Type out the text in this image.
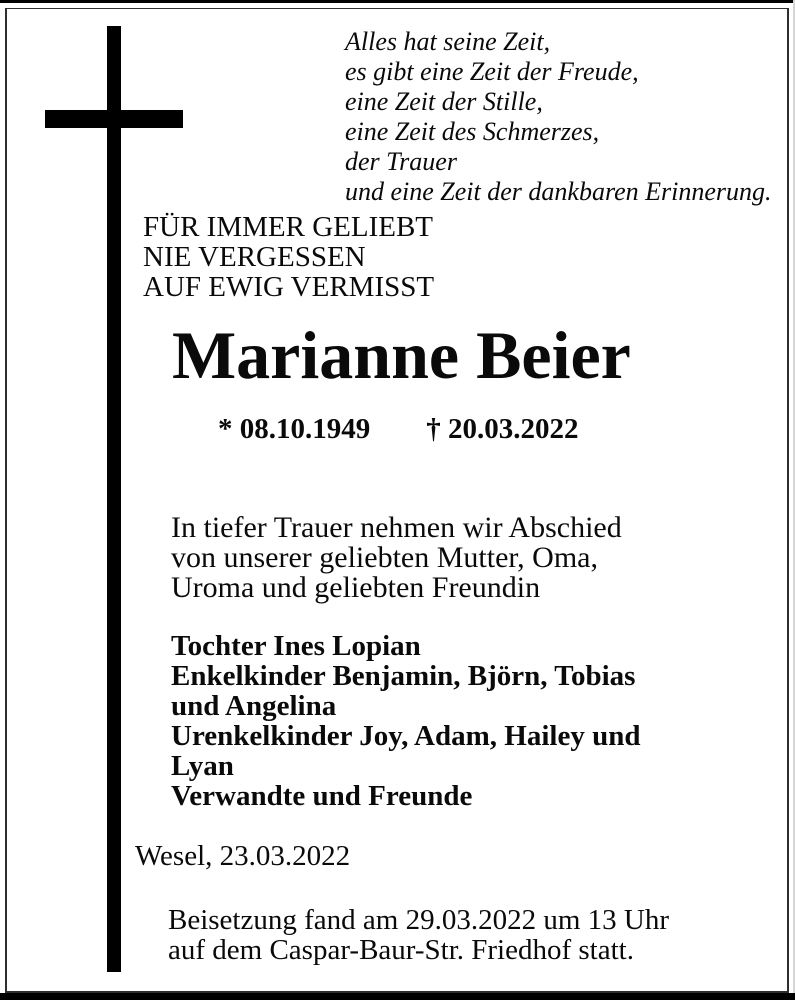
Alles hat seine Zeit,
es gibt eine Zeit der Freude,
eine Zeit der Stille,
eine Zeit des Schmerzes,
der Trauer
und eine Zeit der dankbaren Erinnerung.
FÜR IMMER GELIEBT
NIE VERGESSEN
AUF EWIG VERMISST
Marianne Beier
* 08.10.1949 † 20.03.2022
In tiefer Trauer nehmen wir Abschied
von unserer geliebten Mutter, Oma,
Uroma und geliebten Freundin
Tochter Ines Lopian
Enkelkinder Benjamin, Björn, Tobias
und Angelina
Urenkelkinder Joy, Adam, Hailey und
Lyan
Verwandte und Freunde
Wesel, 23.03.2022
Beisetzung fand am 29.03.2022 um 13 Uhr
auf dem Caspar-Baur-Str. Friedhof statt.
